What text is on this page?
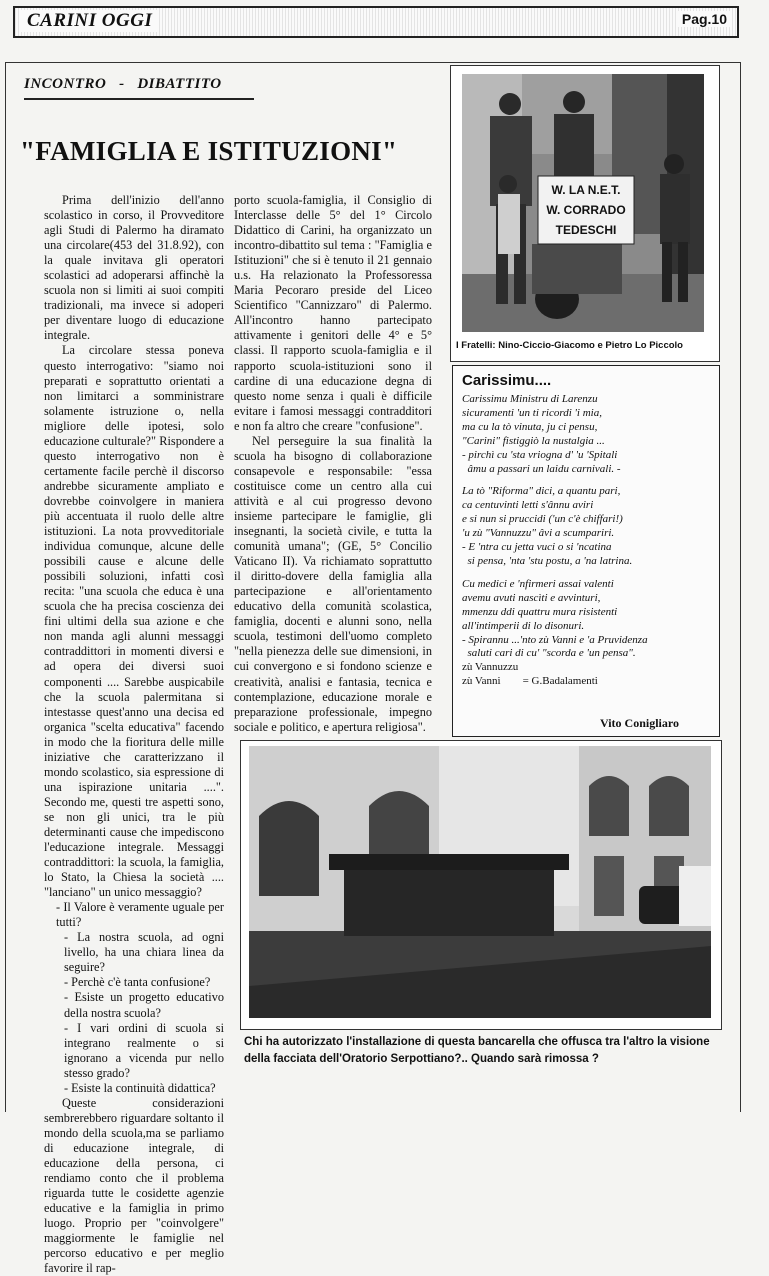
CARINI OGGI	Pag.10
INCONTRO   -   DIBATTITO
"FAMIGLIA E ISTITUZIONI"

Prima dell'inizio dell'anno scolastico in corso, il Provveditore agli Studi di Palermo ha diramato una circolare(453 del 31.8.92), con la quale invitava gli operatori scolastici ad adoperarsi affinchè la scuola non si limiti ai suoi compiti tradizionali, ma invece si adoperi per diventare luogo di educazione integrale.

La circolare stessa poneva questo interrogativo: "siamo noi preparati e soprattutto orientati a non limitarci a somministrare solamente istruzione o, nella migliore delle ipotesi, solo educazione culturale?" Rispondere a questo interrogativo non è certamente facile perchè il discorso andrebbe sicuramente ampliato e dovrebbe coinvolgere in maniera più accentuata il ruolo delle altre istituzioni. La nota provveditoriale individua comunque, alcune delle possibili cause e alcune delle possibili soluzioni, infatti così recita: "una scuola che educa è una scuola che ha precisa coscienza dei fini ultimi della sua azione e che non manda agli alunni messaggi contraddittori in momenti diversi e ad opera dei diversi suoi componenti .... Sarebbe auspicabile che la scuola palermitana si intestasse quest'anno una decisa ed organica "scelta educativa" facendo in modo che la fioritura delle mille iniziative che caratterizzano il mondo scolastico, sia espressione di una ispirazione unitaria ....". Secondo me, questi tre aspetti sono, se non gli unici, tra le più determinanti cause che impediscono l'educazione integrale. Messaggi contraddittori: la scuola, la famiglia, lo Stato, la Chiesa la società .... "lanciano" un unico messaggio?

- Il Valore è veramente uguale per tutti?

- La nostra scuola, ad ogni livello, ha una chiara linea da seguire?

- Perchè c'è tanta confusione?

- Esiste un progetto educativo della nostra scuola?

- I vari ordini di scuola si integrano realmente o si ignorano a vicenda pur nello stesso grado?

- Esiste la continuità didattica?

Queste considerazioni sembrerebbero riguardare soltanto il mondo della scuola,ma se parliamo di educazione integrale, di educazione della persona, ci rendiamo conto che il problema riguarda tutte le cosidette agenzie educative e la famiglia in primo luogo. Proprio per "coinvolgere" maggiormente le famiglie nel percorso educativo e per meglio favorire il rap-

porto scuola-famiglia, il Consiglio di Interclasse delle 5° del 1° Circolo Didattico di Carini, ha organizzato un incontro-dibattito sul tema : "Famiglia e Istituzioni" che si è tenuto il 21 gennaio u.s. Ha relazionato la Professoressa Maria Pecoraro preside del Liceo Scientifico "Cannizzaro" di Palermo. All'incontro hanno partecipato attivamente i genitori delle 4° e 5° classi. Il rapporto scuola-famiglia e il rapporto scuola-istituzioni sono il cardine di una educazione degna di questo nome senza i quali è difficile evitare i famosi messaggi contradditori e non fa altro che creare "confusione".

Nel perseguire la sua finalità la scuola ha bisogno di collaborazione consapevole e responsabile: "essa costituisce come un centro alla cui attività e al cui progresso devono insieme partecipare le famiglie, gli insegnanti, la società civile, e tutta la comunità umana"; (GE, 5° Concilio Vaticano II). Va richiamato soprattutto il diritto-dovere della famiglia alla partecipazione e all'orientamento educativo della comunità scolastica, famiglia, docenti e alunni sono, nella scuola, testimoni dell'uomo completo "nella pienezza delle sue dimensioni, in cui convergono e si fondono scienze e creatività, analisi e fantasia, tecnica e contemplazione, educazione morale e preparazione professionale, impegno sociale e politico, e apertura religiosa".

W. LA N.E.T.
W. CORRADO
TEDESCHI
I Fratelli: Nino-Ciccio-Giacomo e Pietro Lo Piccolo
Carissimu....
Carissimu Ministru di Larenzu
sicuramenti 'un ti ricordi 'i mia,
ma cu la tò vinuta, ju ci pensu,
"Carini" fistiggiò la nustalgia ...
- pirchì cu 'sta vriogna d' 'u 'Spitali
âmu a passari un laidu carnivali. -
La tò "Riforma" dici, a quantu pari,
ca centuvinti letti s'ânnu aviri
e si nun si pruccidi ('un c'è chiffari!)
'u zù "Vannuzzu" âvi a scumpariri.
- E 'ntra cu jetta vuci o si 'ncatina
si pensa, 'nta 'stu postu, a 'na latrina.
Cu medici e 'nfirmeri assai valenti
avemu avuti nascìti e avvinturi,
mmenzu ddi quattru mura risistenti
all'intimperii di lo disonuri.
- Spirannu ...'nto zù Vanni e 'a Pruvidenza
saluti cari di cu' "scorda e 'un pensa".
zù Vannuzzu
zù Vanni        = G.Badalamenti
Vito Conigliaro
Chi ha autorizzato l'installazione di questa bancarella che offusca tra l'altro la visione della facciata dell'Oratorio Serpottiano?.. Quando sarà rimossa ?
